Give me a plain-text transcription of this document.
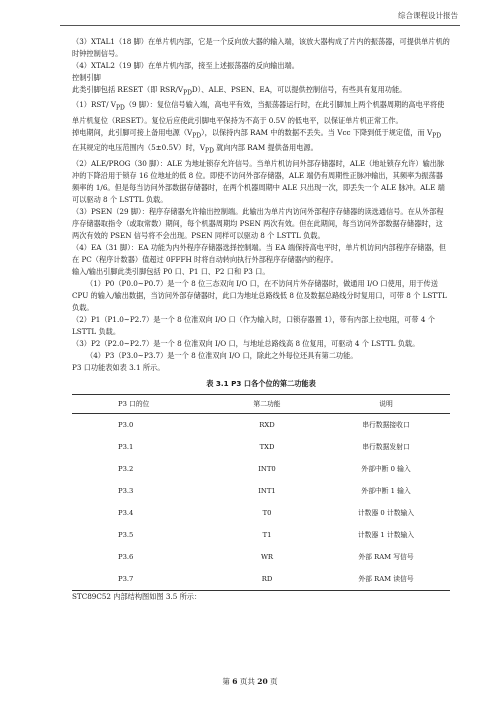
综合课程设计报告

（3）XTAL1（18 脚）在单片机内部，它是一个反向放大器的输入端，该放大器构成了片内的振荡器，可提供单片机的时钟控制信号。

（4）XTAL2（19 脚）在单片机内部，接至上述振荡器的反向输出端。

控制引脚

此类引脚包括 RESET（即 RSR/$V_{PD}D$）、ALE、PSEN、EA，可以提供控制信号，有些具有复用功能。

（1）RST/ $V_{PD}(9$ 脚）：复位信号输入端，高电平有效，当振荡器运行时，在此引脚加上两个机器周期的高电平将使单片机复位（RESET）。复位后应使此引脚电平保持为不高于 0.5V 的低电平，以保证单片机正常工作。

掉电期间，此引脚可接上备用电源$(V_{PD})$，以保持内部 RAM 中的数据不丢失。当 Vcc 下降到低于规定值，而 $V_{PD}$ 在其规定的电压范围内（5±0.5V）时，$V_{PD}$ 就向内部 RAM 提供备用电源。

（2）ALE/PROG（30 脚）：ALE 为地址锁存允许信号。当单片机访问外部存储器时，ALE（地址锁存允许）输出脉冲的下降沿用于锁存 16 位地址的低 8 位。即使不访问外部存储器，ALE 端仍有周期性正脉冲输出，其频率为振荡器频率的 1/6。但是每当访问外部数据存储器时，在两个机器周期中 ALE 只出现一次，即丢失一个 ALE 脉冲。ALE 端可以驱动 8 个 LSTTL 负载。

（3）PSEN（29 脚）：程序存储器允许输出控制端。此输出为单片内访问外部程序存储器的读选通信号。在从外部程序存储器取指令（或取常数）期间，每个机器周期均 PSEN 两次有效。但在此期间，每当访问外部数据存储器时，这两次有效的 PSEN 信号将不会出现。PSEN 同样可以驱动 8 个 LSTTL 负载。

（4）EA（31 脚）：EA 功能为内外程序存储器选择控制端。当 EA 端保持高电平时，单片机访问内部程序存储器，但在 PC（程序计数器）值超过 0FFFH 时将自动转向执行外部程序存储器内的程序。

输入/输出引脚此类引脚包括 P0 口、P1 口、P2 口和 P3 口。

（1）P0（P0.0~P0.7）是一个 8 位三态双向 I/O 口，在不访问片外存储器时，做通用 I/O 口使用，用于传送 CPU 的输入/输出数据，当访问外部存储器时，此口为地址总路线低 8 位及数据总路线分时复用口，可带 8 个 LSTTL 负载。

（2）P1（P1.0~P2.7）是一个 8 位准双向 I/O 口（作为输入时，口锁存器置 1），带有内部上拉电阻，可带 4 个 LSTTL 负载。

（3）P2（P2.0~P2.7）是一个 8 位准双向 I/O 口，与地址总路线高 8 位复用，可驱动 4 个 LSTTL 负载。

（4）P3（P3.0~P3.7）是一个 8 位准双向 I/O 口，除此之外每位还具有第二功能。

P3 口功能表如表 3.1 所示。

表 3.1 P3 口各个位的第二功能表
P3 口的位	第二功能	说明
P3.0	RXD	串行数据接收口
P3.1	TXD	串行数据发射口
P3.2	INT0	外部中断 0 输入
P3.3	INT1	外部中断 1 输入
P3.4	T0	计数器 0 计数输入
P3.5	T1	计数器 1 计数输入
P3.6	WR	外部 RAM 写信号
P3.7	RD	外部 RAM 读信号

STC89C52 内部结构图如图 3.5 所示：

第 6 页共 20 页
